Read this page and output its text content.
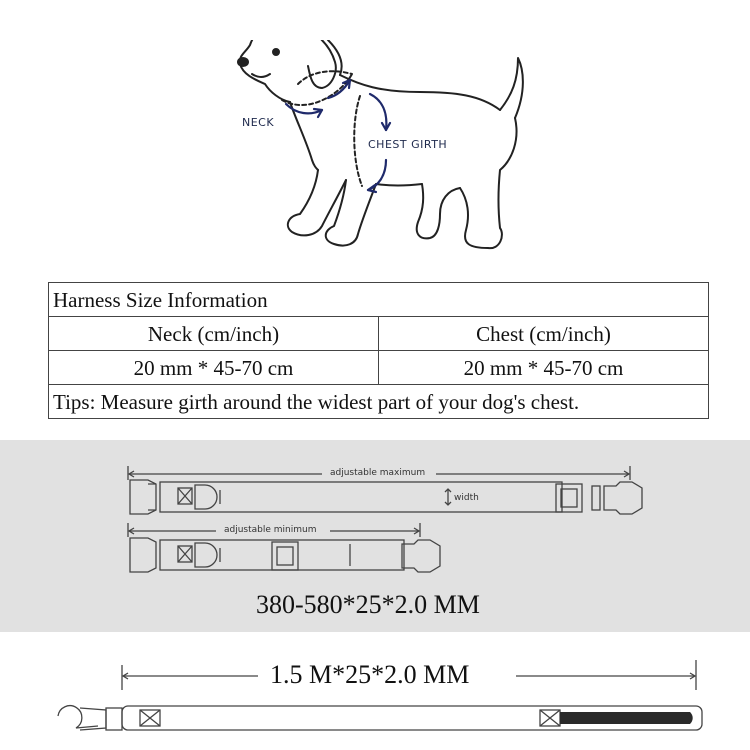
NECK
CHEST GIRTH
Harness Size Information	
Neck (cm/inch)	Chest (cm/inch)
20 mm * 45-70 cm	20 mm * 45-70 cm
Tips: Measure girth around the widest part of your dog's chest.	
adjustable maximum
width
adjustable minimum
380-580*25*2.0 MM
1.5 M*25*2.0 MM
